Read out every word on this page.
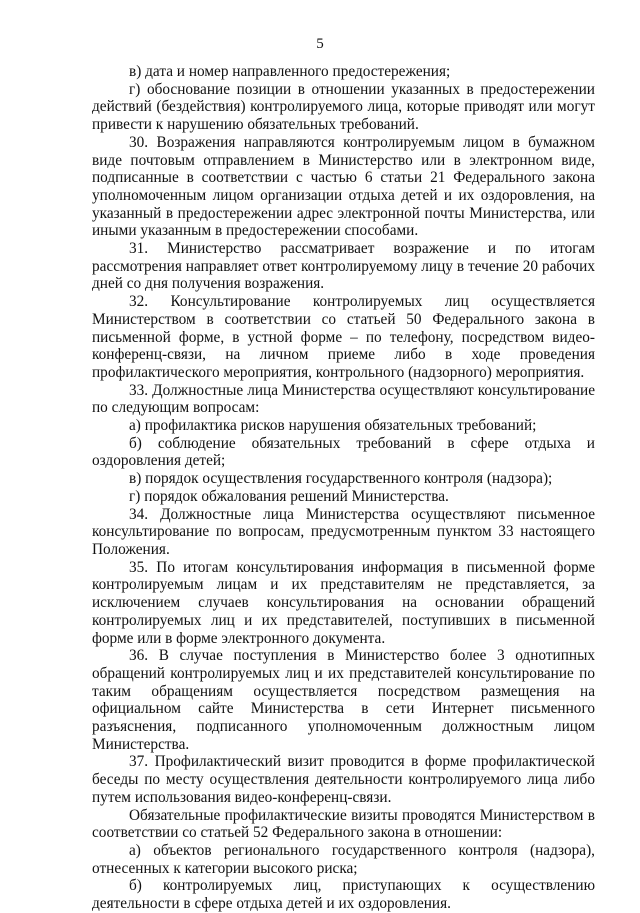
5

в) дата и номер направленного предостережения;

г) обоснование позиции в отношении указанных в предостережении действий (бездействия) контролируемого лица, которые приводят или могут привести к нарушению обязательных требований.

30. Возражения направляются контролируемым лицом в бумажном виде почтовым отправлением в Министерство или в электронном виде, подписанные в соответствии с частью 6 статьи 21 Федерального закона уполномоченным лицом организации отдыха детей и их оздоровления, на указанный в предостережении адрес электронной почты Министерства, или иными указанным в предостережении способами.

31. Министерство рассматривает возражение и по итогам рассмотрения направляет ответ контролируемому лицу в течение 20 рабочих дней со дня получения возражения.

32. Консультирование контролируемых лиц осуществляется Министерством в соответствии со статьей 50 Федерального закона в письменной форме, в устной форме – по телефону, посредством видео-конференц-связи, на личном приеме либо в ходе проведения профилактического мероприятия, контрольного (надзорного) мероприятия.

33. Должностные лица Министерства осуществляют консультирование по следующим вопросам:

а) профилактика рисков нарушения обязательных требований;

б) соблюдение обязательных требований в сфере отдыха и оздоровления детей;

в) порядок осуществления государственного контроля (надзора);

г) порядок обжалования решений Министерства.

34. Должностные лица Министерства осуществляют письменное консультирование по вопросам, предусмотренным пунктом 33 настоящего Положения.

35. По итогам консультирования информация в письменной форме контролируемым лицам и их представителям не представляется, за исключением случаев консультирования на основании обращений контролируемых лиц и их представителей, поступивших в письменной форме или в форме электронного документа.

36. В случае поступления в Министерство более 3 однотипных обращений контролируемых лиц и их представителей консультирование по таким обращениям осуществляется посредством размещения на официальном сайте Министерства в сети Интернет письменного разъяснения, подписанного уполномоченным должностным лицом Министерства.

37. Профилактический визит проводится в форме профилактической беседы по месту осуществления деятельности контролируемого лица либо путем использования видео-конференц-связи.

Обязательные профилактические визиты проводятся Министерством в соответствии со статьей 52 Федерального закона в отношении:

а) объектов регионального государственного контроля (надзора), отнесенных к категории высокого риска;

б) контролируемых лиц, приступающих к осуществлению деятельности в сфере отдыха детей и их оздоровления.
